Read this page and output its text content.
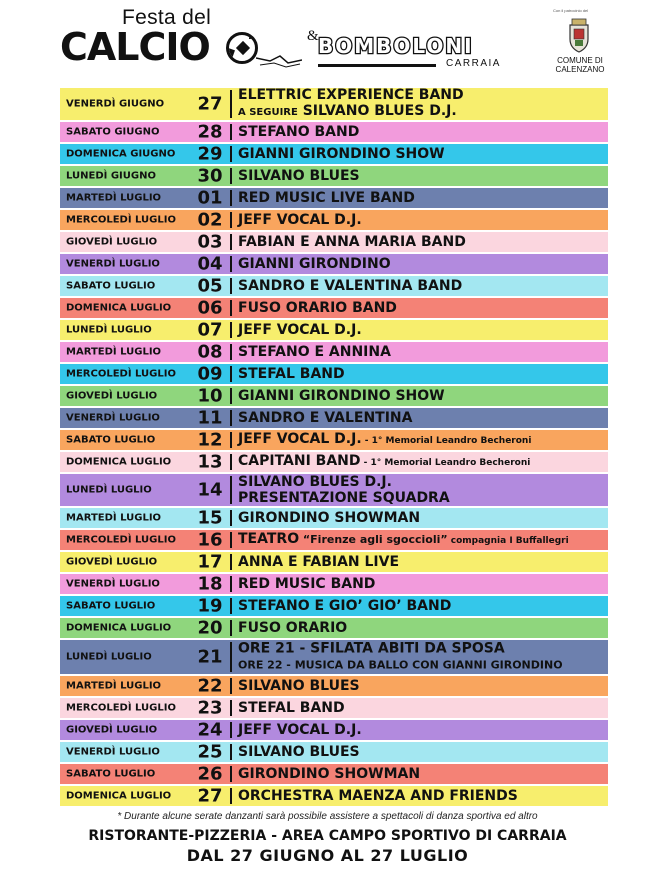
Festa del
CALCIO	& BOMBOLONI
CARRAIA
Con il patrocinio del
COMUNE DI
CALENZANO
VENERDÌ GIUGNO 27	ELETTRIC EXPERIENCE BAND
A SEGUIRE SILVANO BLUES D.J.
SABATO GIUGNO 28	STEFANO BAND
DOMENICA GIUGNO 29	GIANNI GIRONDINO SHOW
LUNEDÌ GIUGNO 30	SILVANO BLUES
MARTEDÌ LUGLIO 01	RED MUSIC LIVE BAND
MERCOLEDÌ LUGLIO 02	JEFF VOCAL D.J.
GIOVEDÌ LUGLIO 03	FABIAN E ANNA MARIA BAND
VENERDÌ LUGLIO 04	GIANNI GIRONDINO
SABATO LUGLIO 05	SANDRO E VALENTINA BAND
DOMENICA LUGLIO 06	FUSO ORARIO BAND
LUNEDÌ LUGLIO	07	JEFF VOCAL D.J.
MARTEDÌ LUGLIO 08	STEFANO E ANNINA
MERCOLEDÌ LUGLIO 09	STEFAL BAND
GIOVEDÌ LUGLIO 10	GIANNI GIRONDINO SHOW
VENERDÌ LUGLIO 11	SANDRO E VALENTINA
SABATO LUGLIO 12	JEFF VOCAL D.J. - 1° Memorial Leandro Becheroni
DOMENICA LUGLIO 13	CAPITANI BAND - 1° Memorial Leandro Becheroni
LUNEDÌ LUGLIO	14	SILVANO BLUES D.J.
PRESENTAZIONE SQUADRA
MARTEDÌ LUGLIO 15	GIRONDINO SHOWMAN
MERCOLEDÌ LUGLIO 16	TEATRO “Firenze agli sgoccioli” compagnia I Buffallegri
GIOVEDÌ LUGLIO 17	ANNA E FABIAN LIVE
VENERDÌ LUGLIO 18	RED MUSIC BAND
SABATO LUGLIO 19	STEFANO E GIO’ GIO’ BAND
DOMENICA LUGLIO 20	FUSO ORARIO
LUNEDÌ LUGLIO	21	ORE 21 - SFILATA ABITI DA SPOSA
ORE 22 - MUSICA DA BALLO CON GIANNI GIRONDINO
MARTEDÌ LUGLIO 22	SILVANO BLUES
MERCOLEDÌ LUGLIO 23	STEFAL BAND
GIOVEDÌ LUGLIO 24	JEFF VOCAL D.J.
VENERDÌ LUGLIO 25	SILVANO BLUES
SABATO LUGLIO 26	GIRONDINO SHOWMAN
DOMENICA LUGLIO 27	ORCHESTRA MAENZA AND FRIENDS
* Durante alcune serate danzanti sarà possibile assistere a spettacoli di danza sportiva ed altro
RISTORANTE-PIZZERIA - AREA CAMPO SPORTIVO DI CARRAIA
DAL 27 GIUGNO AL 27 LUGLIO
